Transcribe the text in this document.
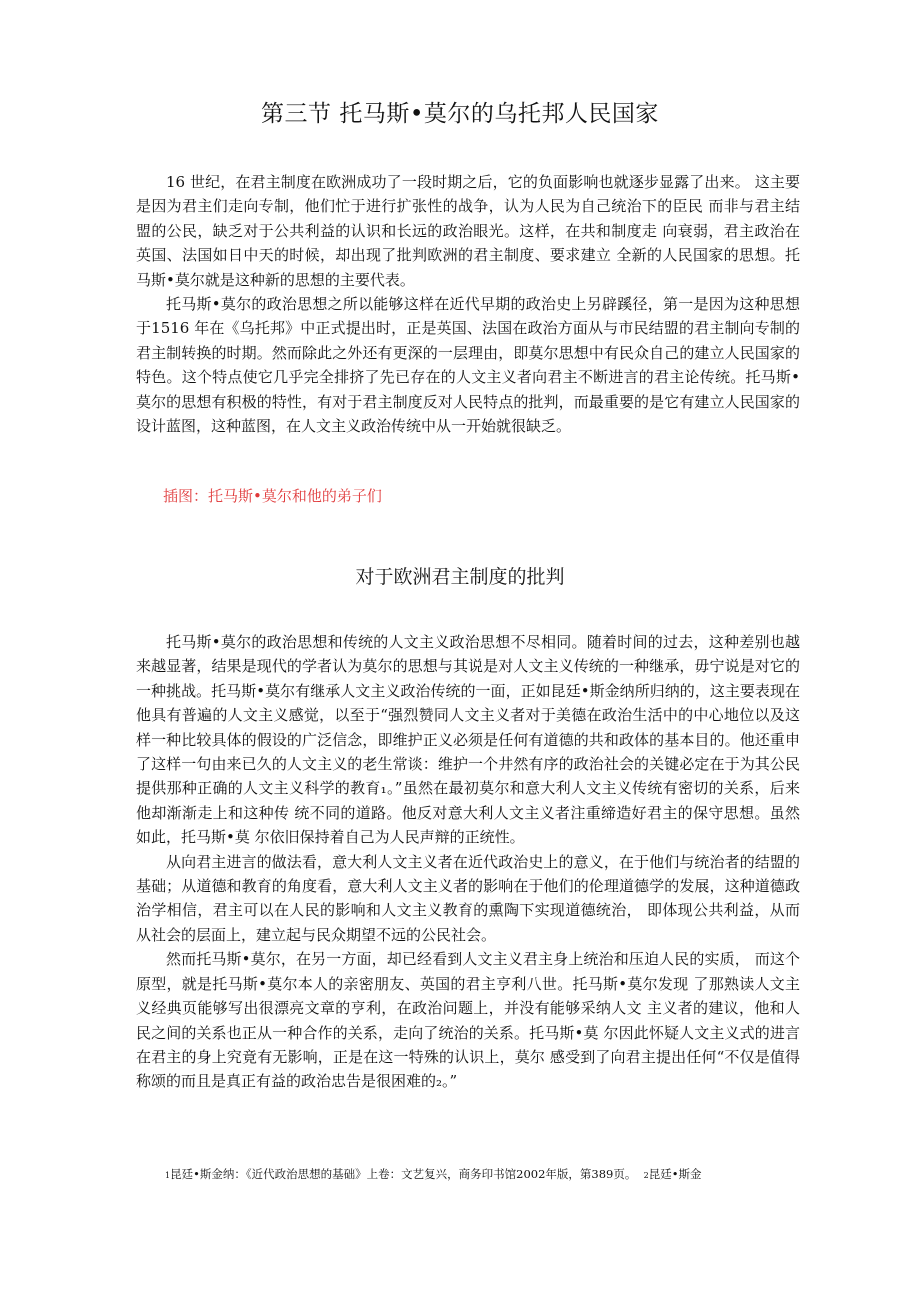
第三节 托马斯•莫尔的乌托邦人民国家

16 世纪，在君主制度在欧洲成功了一段时期之后，它的负面影响也就逐步显露了出来。 这主要是因为君主们走向专制，他们忙于进行扩张性的战争，认为人民为自己统治下的臣民 而非与君主结盟的公民，缺乏对于公共利益的认识和长远的政治眼光。这样，在共和制度走 向衰弱，君主政治在英国、法国如日中天的时候，却出现了批判欧洲的君主制度、要求建立 全新的人民国家的思想。托马斯•莫尔就是这种新的思想的主要代表。

托马斯•莫尔的政治思想之所以能够这样在近代早期的政治史上另辟蹊径，第一是因为这种思想于1516 年在《乌托邦》中正式提出时，正是英国、法国在政治方面从与市民结盟的君主制向专制的君主制转换的时期。然而除此之外还有更深的一层理由，即莫尔思想中有民众自己的建立人民国家的特色。这个特点使它几乎完全排挤了先已存在的人文主义者向君主不断进言的君主论传统。托马斯•莫尔的思想有积极的特性，有对于君主制度反对人民特点的批判，而最重要的是它有建立人民国家的设计蓝图，这种蓝图，在人文主义政治传统中从一开始就很缺乏。

插图：托马斯•莫尔和他的弟子们

对于欧洲君主制度的批判

托马斯•莫尔的政治思想和传统的人文主义政治思想不尽相同。随着时间的过去，这种差别也越来越显著，结果是现代的学者认为莫尔的思想与其说是对人文主义传统的一种继承，毋宁说是对它的一种挑战。托马斯•莫尔有继承人文主义政治传统的一面，正如昆廷•斯金纳所归纳的，这主要表现在他具有普遍的人文主义感觉，以至于“强烈赞同人文主义者对于美德在政治生活中的中心地位以及这样一种比较具体的假设的广泛信念，即维护正义必须是任何有道德的共和政体的基本目的。他还重申了这样一句由来已久的人文主义的老生常谈：维护一个井然有序的政治社会的关键必定在于为其公民提供那种正确的人文主义科学的教育₁。”虽然在最初莫尔和意大利人文主义传统有密切的关系，后来他却渐渐走上和这种传 统不同的道路。他反对意大利人文主义者注重缔造好君主的保守思想。虽然如此，托马斯•莫 尔依旧保持着自己为人民声辩的正统性。

从向君主进言的做法看，意大利人文主义者在近代政治史上的意义，在于他们与统治者的结盟的基础；从道德和教育的角度看，意大利人文主义者的影响在于他们的伦理道德学的发展，这种道德政治学相信，君主可以在人民的影响和人文主义教育的熏陶下实现道德统治， 即体现公共利益，从而从社会的层面上，建立起与民众期望不远的公民社会。

然而托马斯•莫尔，在另一方面，却已经看到人文主义君主身上统治和压迫人民的实质， 而这个原型，就是托马斯•莫尔本人的亲密朋友、英国的君主亨利八世。托马斯•莫尔发现 了那熟读人文主义经典页能够写出很漂亮文章的亨利，在政治问题上，并没有能够采纳人文 主义者的建议，他和人民之间的关系也正从一种合作的关系，走向了统治的关系。托马斯•莫 尔因此怀疑人文主义式的进言在君主的身上究竟有无影响，正是在这一特殊的认识上，莫尔 感受到了向君主提出任何“不仅是值得称颂的而且是真正有益的政治忠告是很困难的₂。”

1昆廷•斯金纳：《近代政治思想的基础》上卷：文艺复兴，商务印书馆2002年版，第389页。 2昆廷•斯金
